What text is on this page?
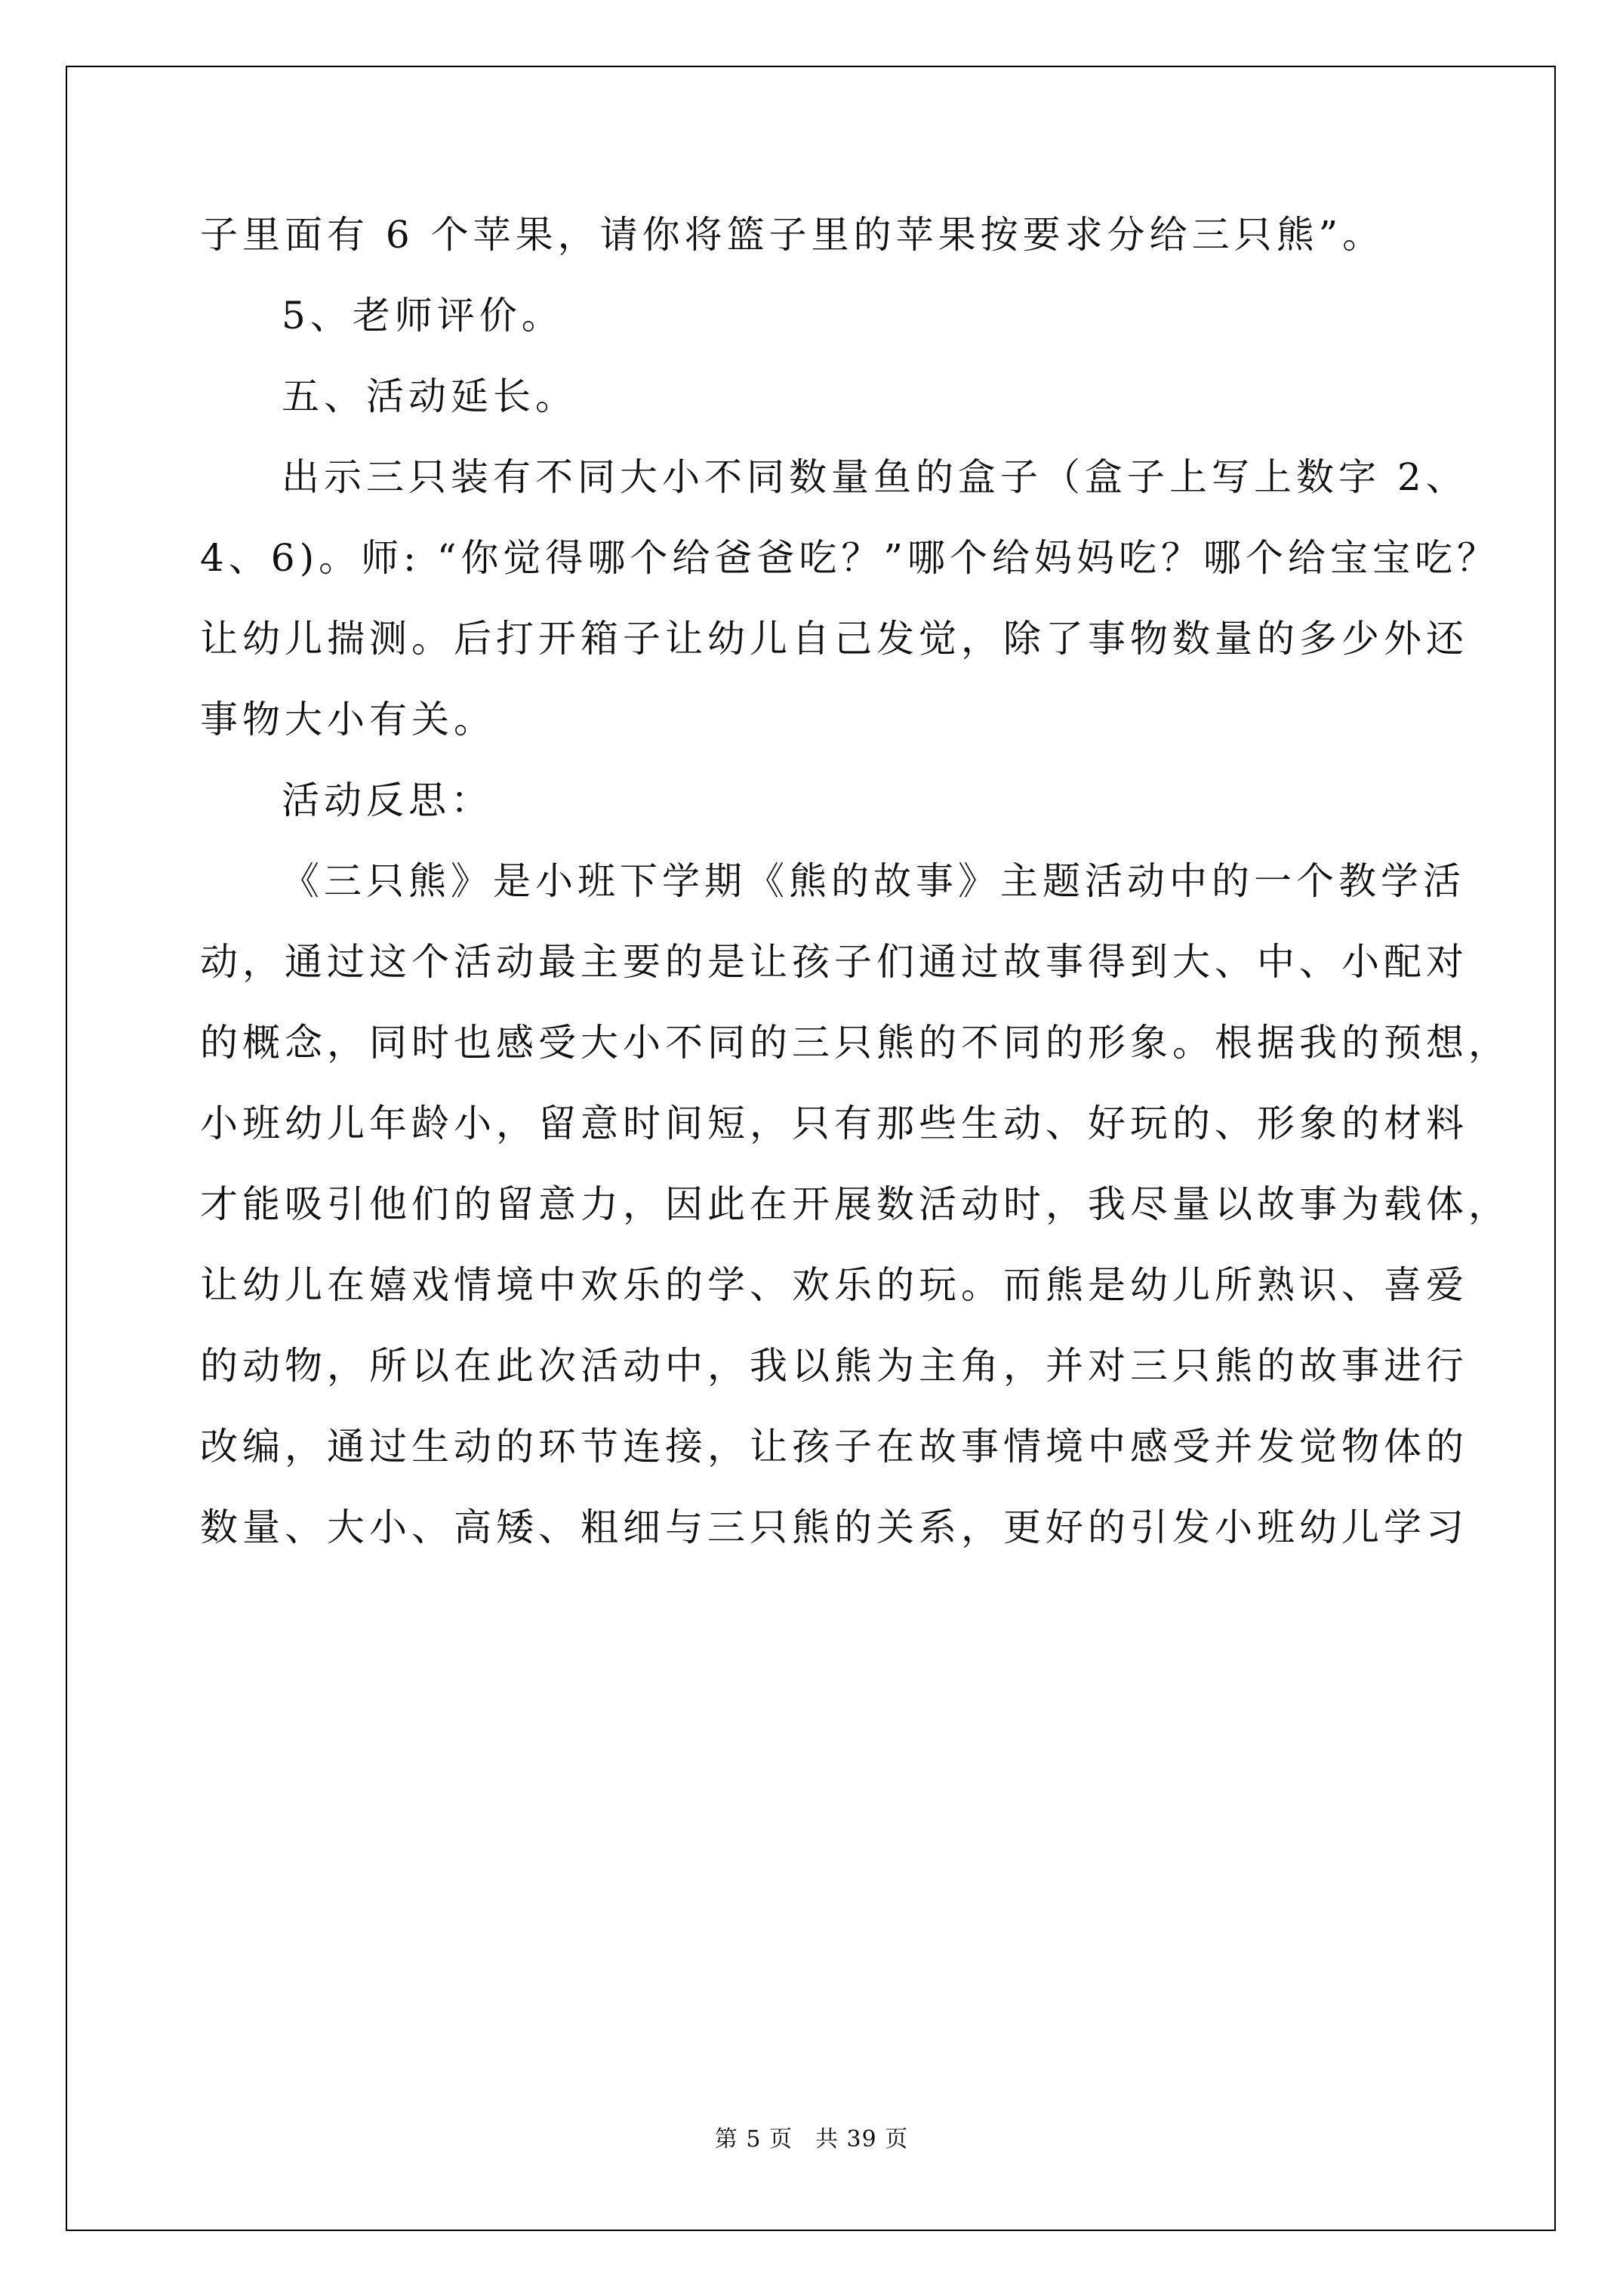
子里面有 6 个苹果，请你将篮子里的苹果按要求分给三只熊”。
5、老师评价。
五、活动延长。
出示三只装有不同大小不同数量鱼的盒子（盒子上写上数字 2、
4、6)。师: “你觉得哪个给爸爸吃？”哪个给妈妈吃？哪个给宝宝吃？
让幼儿揣测。后打开箱子让幼儿自己发觉，除了事物数量的多少外还
事物大小有关。
活动反思：
《三只熊》是小班下学期《熊的故事》主题活动中的一个教学活
动，通过这个活动最主要的是让孩子们通过故事得到大、中、小配对
的概念，同时也感受大小不同的三只熊的不同的形象。根据我的预想，
小班幼儿年龄小，留意时间短，只有那些生动、好玩的、形象的材料
才能吸引他们的留意力，因此在开展数活动时，我尽量以故事为载体，
让幼儿在嬉戏情境中欢乐的学、欢乐的玩。而熊是幼儿所熟识、喜爱
的动物，所以在此次活动中，我以熊为主角，并对三只熊的故事进行
改编，通过生动的环节连接，让孩子在故事情境中感受并发觉物体的
数量、大小、高矮、粗细与三只熊的关系，更好的引发小班幼儿学习
第 5 页 共 39 页
